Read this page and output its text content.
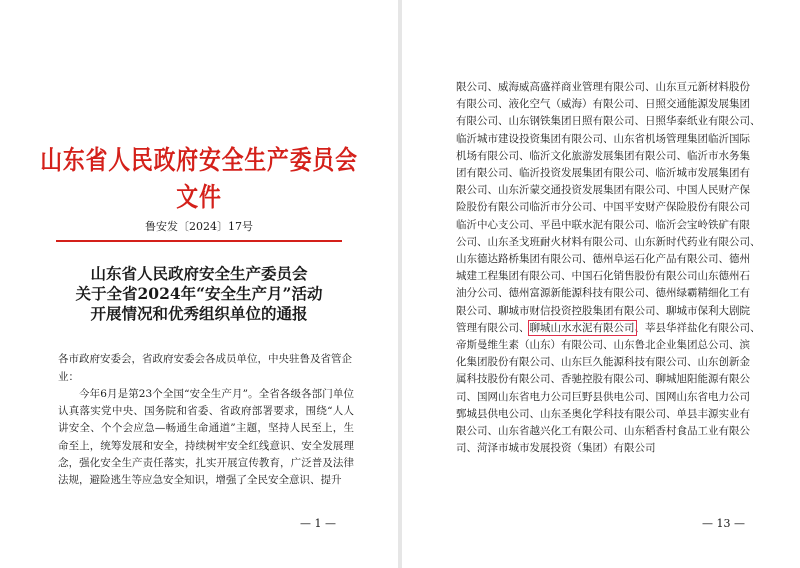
山东省人民政府安全生产委员会文件
鲁安发〔2024〕17号
山东省人民政府安全生产委员会
关于全省2024年“安全生产月”活动
开展情况和优秀组织单位的通报
各市政府安委会，省政府安委会各成员单位，中央驻鲁及省管企业：
今年6月是第23个全国“安全生产月”。全省各级各部门单位认真落实党中央、国务院和省委、省政府部署要求，围绕“人人讲安全、个个会应急—畅通生命通道”主题，坚持人民至上，生命至上，统筹发展和安全，持续树牢安全红线意识、安全发展理念，强化安全生产责任落实，扎实开展宣传教育，广泛普及法律法规，避险逃生等应急安全知识，增强了全民安全意识、提升
— 1 —
限公司、威海威高盛祥商业管理有限公司、山东亘元新材料股份
有限公司、液化空气（威海）有限公司、日照交通能源发展集团
有限公司、山东钢铁集团日照有限公司、日照华泰纸业有限公司、
临沂城市建设投资集团有限公司、山东省机场管理集团临沂国际
机场有限公司、临沂文化旅游发展集团有限公司、临沂市水务集
团有限公司、临沂投资发展集团有限公司、临沂城市发展集团有
限公司、山东沂蒙交通投资发展集团有限公司、中国人民财产保
险股份有限公司临沂市分公司、中国平安财产保险股份有限公司
临沂中心支公司、平邑中联水泥有限公司、临沂会宝岭铁矿有限
公司、山东圣戈班耐火材料有限公司、山东新时代药业有限公司、
山东德达路桥集团有限公司、德州阜运石化产品有限公司、德州
城建工程集团有限公司、中国石化销售股份有限公司山东德州石
油分公司、德州富源新能源科技有限公司、德州绿霸精细化工有
限公司、聊城市财信投资控股集团有限公司、聊城市保利大剧院
管理有限公司、聊城山水水泥有限公司、莘县华祥盐化有限公司、
帝斯曼维生素（山东）有限公司、山东鲁北企业集团总公司、滨
化集团股份有限公司、山东巨久能源科技有限公司、山东创新金
属科技股份有限公司、香驰控股有限公司、聊城旭阳能源有限公
司、国网山东省电力公司巨野县供电公司、国网山东省电力公司
鄄城县供电公司、山东圣奥化学科技有限公司、单县丰源实业有
限公司、山东省越兴化工有限公司、山东稻香村食品工业有限公
司、菏泽市城市发展投资（集团）有限公司
— 13 —
